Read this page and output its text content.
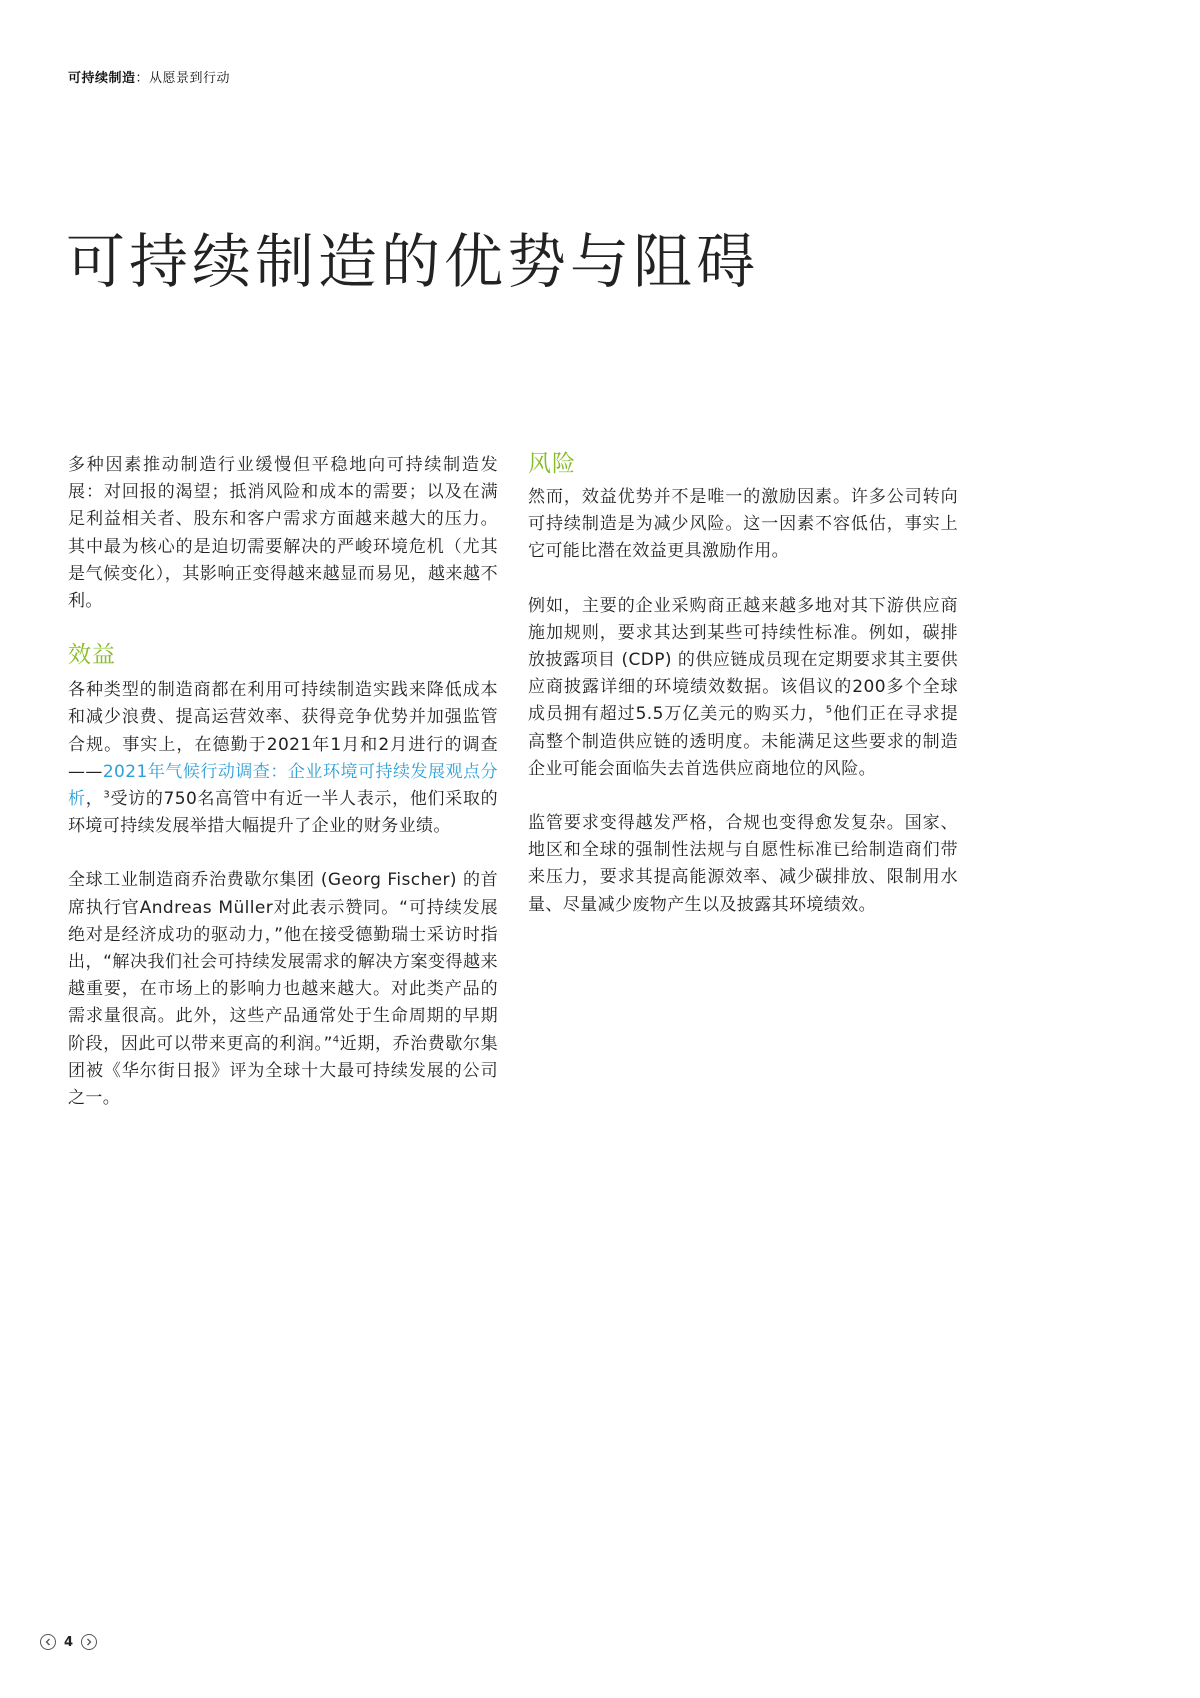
可持续制造：从愿景到行动
可持续制造的优势与阻碍

多种因素推动制造行业缓慢但平稳地向可持续制造发展：对回报的渴望；抵消风险和成本的需要；以及在满足利益相关者、股东和客户需求方面越来越大的压力。其中最为核心的是迫切需要解决的严峻环境危机（尤其是气候变化），其影响正变得越来越显而易见，越来越不利。

效益

各种类型的制造商都在利用可持续制造实践来降低成本和减少浪费、提高运营效率、获得竞争优势并加强监管合规。事实上，在德勤于2021年1月和2月进行的调查——2021年气候行动调查：企业环境可持续发展观点分析，$^3$受访的750名高管中有近一半人表示，他们采取的环境可持续发展举措大幅提升了企业的财务业绩。

全球工业制造商乔治费歇尔集团 (Georg Fischer) 的首席执行官Andreas Müller对此表示赞同。“可持续发展绝对是经济成功的驱动力，”他在接受德勤瑞士采访时指出，“解决我们社会可持续发展需求的解决方案变得越来越重要，在市场上的影响力也越来越大。对此类产品的需求量很高。此外，这些产品通常处于生命周期的早期阶段，因此可以带来更高的利润。”$^4$近期，乔治费歇尔集团被《华尔街日报》评为全球十大最可持续发展的公司之一。

风险

然而，效益优势并不是唯一的激励因素。许多公司转向可持续制造是为减少风险。这一因素不容低估，事实上它可能比潜在效益更具激励作用。

例如，主要的企业采购商正越来越多地对其下游供应商施加规则，要求其达到某些可持续性标准。例如，碳排放披露项目 (CDP) 的供应链成员现在定期要求其主要供应商披露详细的环境绩效数据。该倡议的200多个全球成员拥有超过5.5万亿美元的购买力，$^5$他们正在寻求提高整个制造供应链的透明度。未能满足这些要求的制造企业可能会面临失去首选供应商地位的风险。

监管要求变得越发严格，合规也变得愈发复杂。国家、地区和全球的强制性法规与自愿性标准已给制造商们带来压力，要求其提高能源效率、减少碳排放、限制用水量、尽量减少废物产生以及披露其环境绩效。

4
